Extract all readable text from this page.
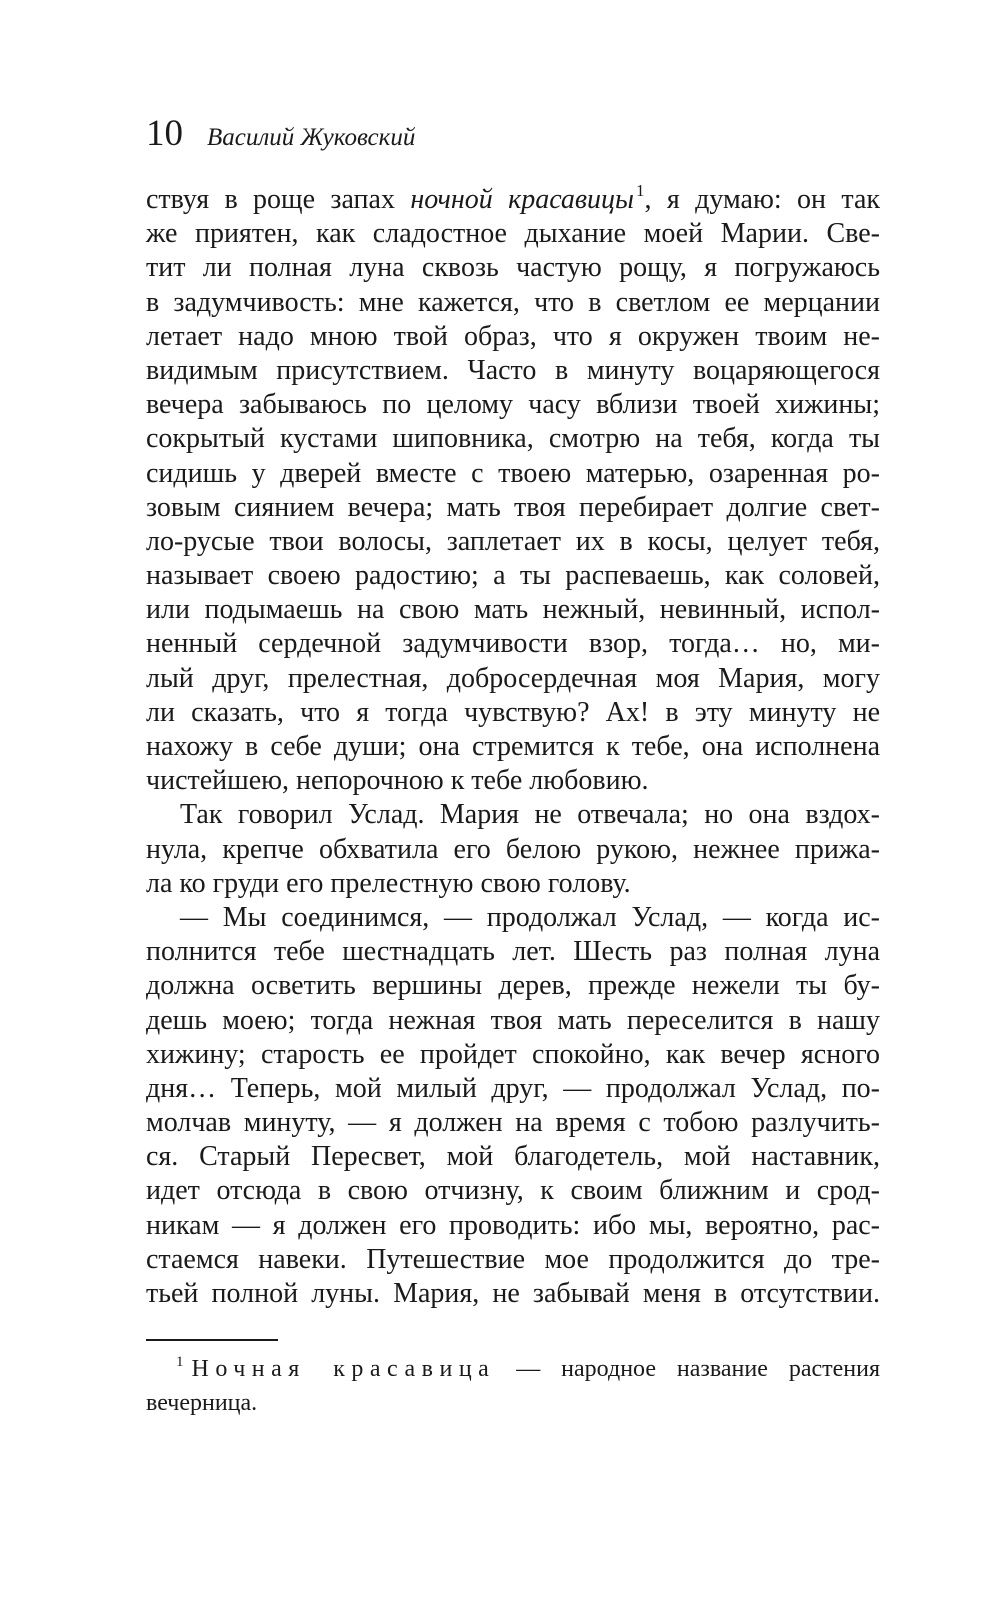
10 Василий Жуковский
ствуя в роще запах ночной красавицы $^1$, я думаю: он так
же приятен, как сладостное дыхание моей Марии. Све-
тит ли полная луна сквозь частую рощу, я погружаюсь
в задумчивость: мне кажется, что в светлом ее мерцании
летает надо мною твой образ, что я окружен твоим не-
видимым присутствием. Часто в минуту воцаряющегося
вечера забываюсь по целому часу вблизи твоей хижины;
сокрытый кустами шиповника, смотрю на тебя, когда ты
сидишь у дверей вместе с твоею матерью, озаренная ро-
зовым сиянием вечера; мать твоя перебирает долгие свет-
ло-русые твои волосы, заплетает их в косы, целует тебя,
называет своею радостию; а ты распеваешь, как соловей,
или подымаешь на свою мать нежный, невинный, испол-
ненный сердечной задумчивости взор, тогда… но, ми-
лый друг, прелестная, добросердечная моя Мария, могу
ли сказать, что я тогда чувствую? Ах! в эту минуту не
нахожу в себе души; она стремится к тебе, она исполнена
чистейшею, непорочною к тебе любовию.
Так говорил Услад. Мария не отвечала; но она вздох-
нула, крепче обхватила его белою рукою, нежнее прижа-
ла ко груди его прелестную свою голову.
— Мы соединимся, — продолжал Услад, — когда ис-
полнится тебе шестнадцать лет. Шесть раз полная луна
должна осветить вершины дерев, прежде нежели ты бу-
дешь моею; тогда нежная твоя мать переселится в нашу
хижину; старость ее пройдет спокойно, как вечер ясного
дня… Теперь, мой милый друг, — продолжал Услад, по-
молчав минуту, — я должен на время с тобою разлучить-
ся. Старый Пересвет, мой благодетель, мой наставник,
идет отсюда в свою отчизну, к своим ближним и срод-
никам — я должен его проводить: ибо мы, вероятно, рас-
стаемся навеки. Путешествие мое продолжится до тре-
тьей полной луны. Мария, не забывай меня в отсутствии.
$^1$ Ночная красавица — народное название растения
вечерница.
